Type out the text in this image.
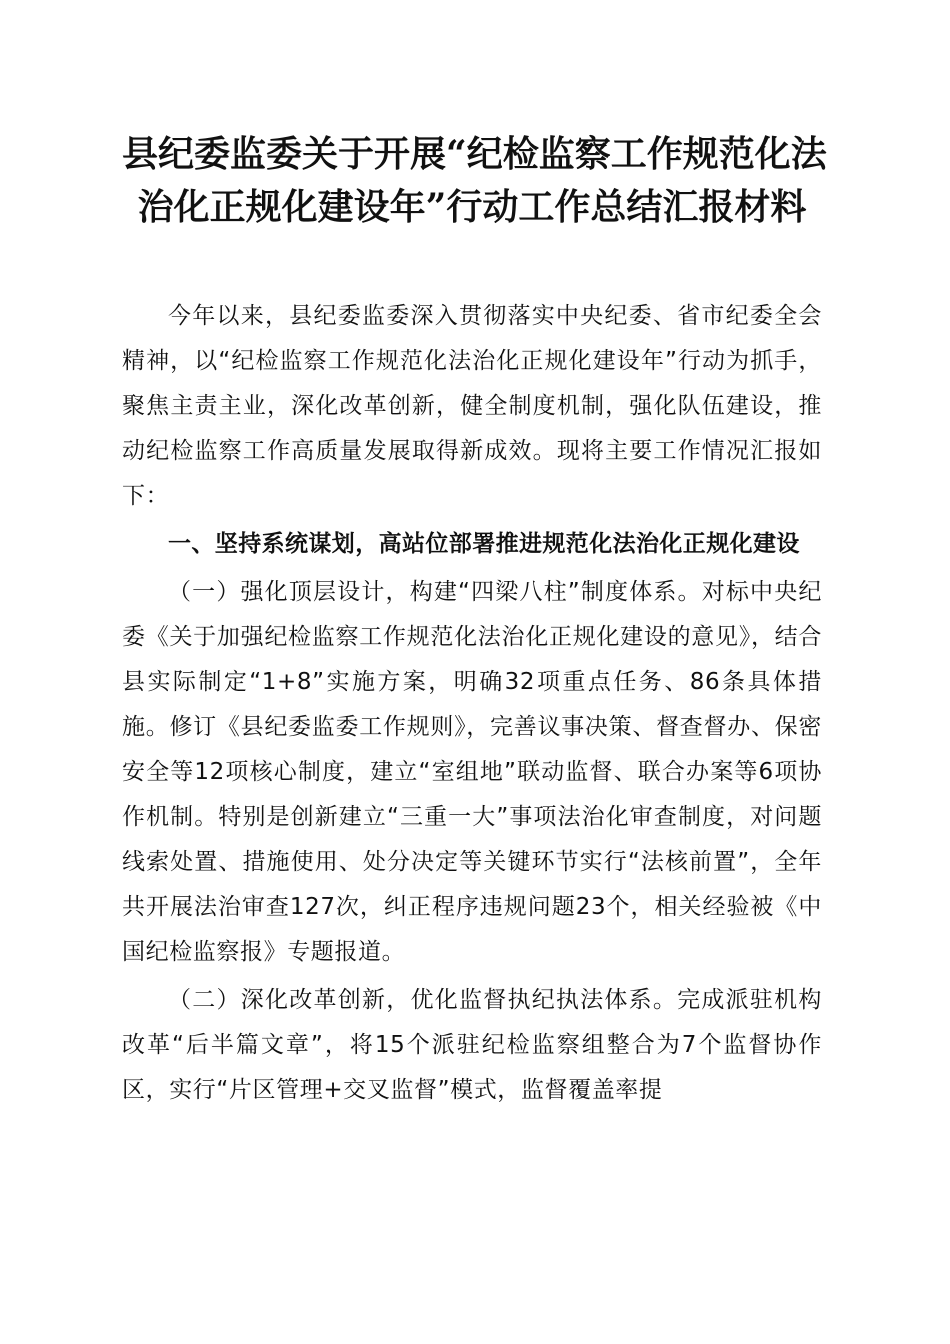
县纪委监委关于开展“纪检监察工作规范化法
治化正规化建设年”行动工作总结汇报材料

今年以来，县纪委监委深入贯彻落实中央纪委、省市纪委全会精神，以“纪检监察工作规范化法治化正规化建设年”行动为抓手，聚焦主责主业，深化改革创新，健全制度机制，强化队伍建设，推动纪检监察工作高质量发展取得新成效。现将主要工作情况汇报如下：

一、坚持系统谋划，高站位部署推进规范化法治化正规化建设

（一）强化顶层设计，构建“四梁八柱”制度体系。对标中央纪委《关于加强纪检监察工作规范化法治化正规化建设的意见》，结合县实际制定“1+8”实施方案，明确32项重点任务、86条具体措施。修订《县纪委监委工作规则》，完善议事决策、督查督办、保密安全等12项核心制度，建立“室组地”联动监督、联合办案等6项协作机制。特别是创新建立“三重一大”事项法治化审查制度，对问题线索处置、措施使用、处分决定等关键环节实行“法核前置”，全年共开展法治审查127次，纠正程序违规问题23个，相关经验被《中国纪检监察报》专题报道。

（二）深化改革创新，优化监督执纪执法体系。完成派驻机构改革“后半篇文章”，将15个派驻纪检监察组整合为7个监督协作区，实行“片区管理+交叉监督”模式，监督覆盖率提
